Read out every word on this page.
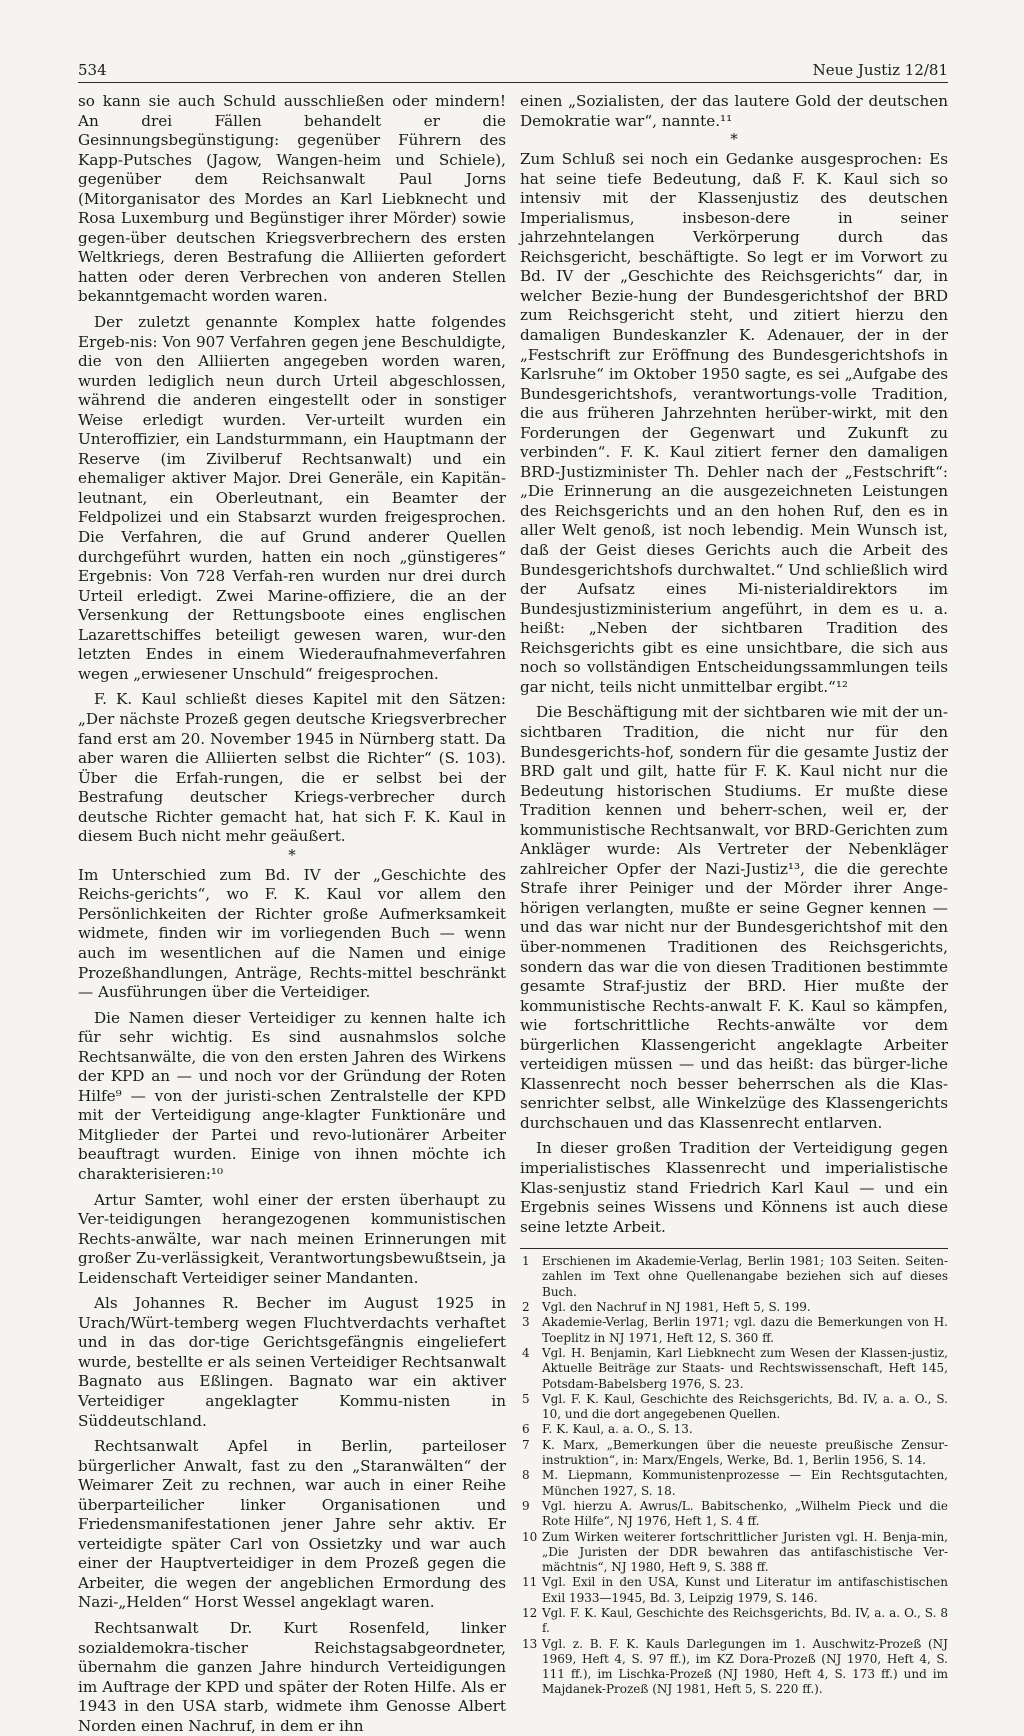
534	Neue Justiz 12/81

so kann sie auch Schuld ausschließen oder mindern! An drei Fällen behandelt er die Gesinnungsbegünstigung: gegenüber Führern des Kapp-Putsches (Jagow, Wangen-heim und Schiele), gegenüber dem Reichsanwalt Paul Jorns (Mitorganisator des Mordes an Karl Liebknecht und Rosa Luxemburg und Begünstiger ihrer Mörder) sowie gegen-über deutschen Kriegsverbrechern des ersten Weltkriegs, deren Bestrafung die Alliierten gefordert hatten oder deren Verbrechen von anderen Stellen bekanntgemacht worden waren.

Der zuletzt genannte Komplex hatte folgendes Ergeb-nis: Von 907 Verfahren gegen jene Beschuldigte, die von den Alliierten angegeben worden waren, wurden lediglich neun durch Urteil abgeschlossen, während die anderen eingestellt oder in sonstiger Weise erledigt wurden. Ver-urteilt wurden ein Unteroffizier, ein Landsturmmann, ein Hauptmann der Reserve (im Zivilberuf Rechtsanwalt) und ein ehemaliger aktiver Major. Drei Generäle, ein Kapitän-leutnant, ein Oberleutnant, ein Beamter der Feldpolizei und ein Stabsarzt wurden freigesprochen. Die Verfahren, die auf Grund anderer Quellen durchgeführt wurden, hatten ein noch „günstigeres“ Ergebnis: Von 728 Verfah-ren wurden nur drei durch Urteil erledigt. Zwei Marine-offiziere, die an der Versenkung der Rettungsboote eines englischen Lazarettschiffes beteiligt gewesen waren, wur-den letzten Endes in einem Wiederaufnahmeverfahren wegen „erwiesener Unschuld“ freigesprochen.

F. K. Kaul schließt dieses Kapitel mit den Sätzen: „Der nächste Prozeß gegen deutsche Kriegsverbrecher fand erst am 20. November 1945 in Nürnberg statt. Da aber waren die Alliierten selbst die Richter“ (S. 103). Über die Erfah-rungen, die er selbst bei der Bestrafung deutscher Kriegs-verbrecher durch deutsche Richter gemacht hat, hat sich F. K. Kaul in diesem Buch nicht mehr geäußert.

*

Im Unterschied zum Bd. IV der „Geschichte des Reichs-gerichts“, wo F. K. Kaul vor allem den Persönlichkeiten der Richter große Aufmerksamkeit widmete, finden wir im vorliegenden Buch — wenn auch im wesentlichen auf die Namen und einige Prozeßhandlungen, Anträge, Rechts-mittel beschränkt — Ausführungen über die Verteidiger.

Die Namen dieser Verteidiger zu kennen halte ich für sehr wichtig. Es sind ausnahmslos solche Rechtsanwälte, die von den ersten Jahren des Wirkens der KPD an — und noch vor der Gründung der Roten Hilfe⁹ — von der juristi-schen Zentralstelle der KPD mit der Verteidigung ange-klagter Funktionäre und Mitglieder der Partei und revo-lutionärer Arbeiter beauftragt wurden. Einige von ihnen möchte ich charakterisieren:¹⁰

Artur Samter, wohl einer der ersten überhaupt zu Ver-teidigungen herangezogenen kommunistischen Rechts-anwälte, war nach meinen Erinnerungen mit großer Zu-verlässigkeit, Verantwortungsbewußtsein, ja Leidenschaft Verteidiger seiner Mandanten.

Als Johannes R. Becher im August 1925 in Urach/Würt-temberg wegen Fluchtverdachts verhaftet und in das dor-tige Gerichtsgefängnis eingeliefert wurde, bestellte er als seinen Verteidiger Rechtsanwalt Bagnato aus Eßlingen. Bagnato war ein aktiver Verteidiger angeklagter Kommu-nisten in Süddeutschland.

Rechtsanwalt Apfel in Berlin, parteiloser bürgerlicher Anwalt, fast zu den „Staranwälten“ der Weimarer Zeit zu rechnen, war auch in einer Reihe überparteilicher linker Organisationen und Friedensmanifestationen jener Jahre sehr aktiv. Er verteidigte später Carl von Ossietzky und war auch einer der Hauptverteidiger in dem Prozeß gegen die Arbeiter, die wegen der angeblichen Ermordung des Nazi-„Helden“ Horst Wessel angeklagt waren.

Rechtsanwalt Dr. Kurt Rosenfeld, linker sozialdemokra-tischer Reichstagsabgeordneter, übernahm die ganzen Jahre hindurch Verteidigungen im Auftrage der KPD und später der Roten Hilfe. Als er 1943 in den USA starb, widmete ihm Genosse Albert Norden einen Nachruf, in dem er ihn

einen „Sozialisten, der das lautere Gold der deutschen Demokratie war“, nannte.¹¹

*

Zum Schluß sei noch ein Gedanke ausgesprochen: Es hat seine tiefe Bedeutung, daß F. K. Kaul sich so intensiv mit der Klassenjustiz des deutschen Imperialismus, insbeson-dere in seiner jahrzehntelangen Verkörperung durch das Reichsgericht, beschäftigte. So legt er im Vorwort zu Bd. IV der „Geschichte des Reichsgerichts“ dar, in welcher Bezie-hung der Bundesgerichtshof der BRD zum Reichsgericht steht, und zitiert hierzu den damaligen Bundeskanzler K. Adenauer, der in der „Festschrift zur Eröffnung des Bundesgerichtshofs in Karlsruhe“ im Oktober 1950 sagte, es sei „Aufgabe des Bundesgerichtshofs, verantwortungs-volle Tradition, die aus früheren Jahrzehnten herüber-wirkt, mit den Forderungen der Gegenwart und Zukunft zu verbinden“. F. K. Kaul zitiert ferner den damaligen BRD-Justizminister Th. Dehler nach der „Festschrift“: „Die Erinnerung an die ausgezeichneten Leistungen des Reichsgerichts und an den hohen Ruf, den es in aller Welt genoß, ist noch lebendig. Mein Wunsch ist, daß der Geist dieses Gerichts auch die Arbeit des Bundesgerichtshofs durchwaltet.“ Und schließlich wird der Aufsatz eines Mi-nisterialdirektors im Bundesjustizministerium angeführt, in dem es u. a. heißt: „Neben der sichtbaren Tradition des Reichsgerichts gibt es eine unsichtbare, die sich aus noch so vollständigen Entscheidungssammlungen teils gar nicht, teils nicht unmittelbar ergibt.“¹²

Die Beschäftigung mit der sichtbaren wie mit der un-sichtbaren Tradition, die nicht nur für den Bundesgerichts-hof, sondern für die gesamte Justiz der BRD galt und gilt, hatte für F. K. Kaul nicht nur die Bedeutung historischen Studiums. Er mußte diese Tradition kennen und beherr-schen, weil er, der kommunistische Rechtsanwalt, vor BRD-Gerichten zum Ankläger wurde: Als Vertreter der Nebenkläger zahlreicher Opfer der Nazi-Justiz¹³, die die gerechte Strafe ihrer Peiniger und der Mörder ihrer Ange-hörigen verlangten, mußte er seine Gegner kennen — und das war nicht nur der Bundesgerichtshof mit den über-nommenen Traditionen des Reichsgerichts, sondern das war die von diesen Traditionen bestimmte gesamte Straf-justiz der BRD. Hier mußte der kommunistische Rechts-anwalt F. K. Kaul so kämpfen, wie fortschrittliche Rechts-anwälte vor dem bürgerlichen Klassengericht angeklagte Arbeiter verteidigen müssen — und das heißt: das bürger-liche Klassenrecht noch besser beherrschen als die Klas-senrichter selbst, alle Winkelzüge des Klassengerichts durchschauen und das Klassenrecht entlarven.

In dieser großen Tradition der Verteidigung gegen imperialistisches Klassenrecht und imperialistische Klas-senjustiz stand Friedrich Karl Kaul — und ein Ergebnis seines Wissens und Könnens ist auch diese seine letzte Arbeit.

1	Erschienen im Akademie-Verlag, Berlin 1981; 103 Seiten. Seiten-zahlen im Text ohne Quellenangabe beziehen sich auf dieses Buch.
2	Vgl. den Nachruf in NJ 1981, Heft 5, S. 199.
3	Akademie-Verlag, Berlin 1971; vgl. dazu die Bemerkungen von H. Toeplitz in NJ 1971, Heft 12, S. 360 ff.
4	Vgl. H. Benjamin, Karl Liebknecht zum Wesen der Klassen-justiz, Aktuelle Beiträge zur Staats- und Rechtswissenschaft, Heft 145, Potsdam-Babelsberg 1976, S. 23.
5	Vgl. F. K. Kaul, Geschichte des Reichsgerichts, Bd. IV, a. a. O., S. 10, und die dort angegebenen Quellen.
6	F. K. Kaul, a. a. O., S. 13.
7	K. Marx, „Bemerkungen über die neueste preußische Zensur-instruktion“, in: Marx/Engels, Werke, Bd. 1, Berlin 1956, S. 14.
8	M. Liepmann, Kommunistenprozesse — Ein Rechtsgutachten, München 1927, S. 18.
9	Vgl. hierzu A. Awrus/L. Babitschenko, „Wilhelm Pieck und die Rote Hilfe“, NJ 1976, Heft 1, S. 4 ff.
10 Zum Wirken weiterer fortschrittlicher Juristen vgl. H. Benja-min, „Die Juristen der DDR bewahren das antifaschistische Ver-mächtnis“, NJ 1980, Heft 9, S. 388 ff.
11 Vgl. Exil in den USA, Kunst und Literatur im antifaschistischen Exil 1933—1945, Bd. 3, Leipzig 1979, S. 146.
12 Vgl. F. K. Kaul, Geschichte des Reichsgerichts, Bd. IV, a. a. O., S. 8 f.
13 Vgl. z. B. F. K. Kauls Darlegungen im 1. Auschwitz-Prozeß (NJ 1969, Heft 4, S. 97 ff.), im KZ Dora-Prozeß (NJ 1970, Heft 4, S. 111 ff.), im Lischka-Prozeß (NJ 1980, Heft 4, S. 173 ff.) und im Majdanek-Prozeß (NJ 1981, Heft 5, S. 220 ff.).
